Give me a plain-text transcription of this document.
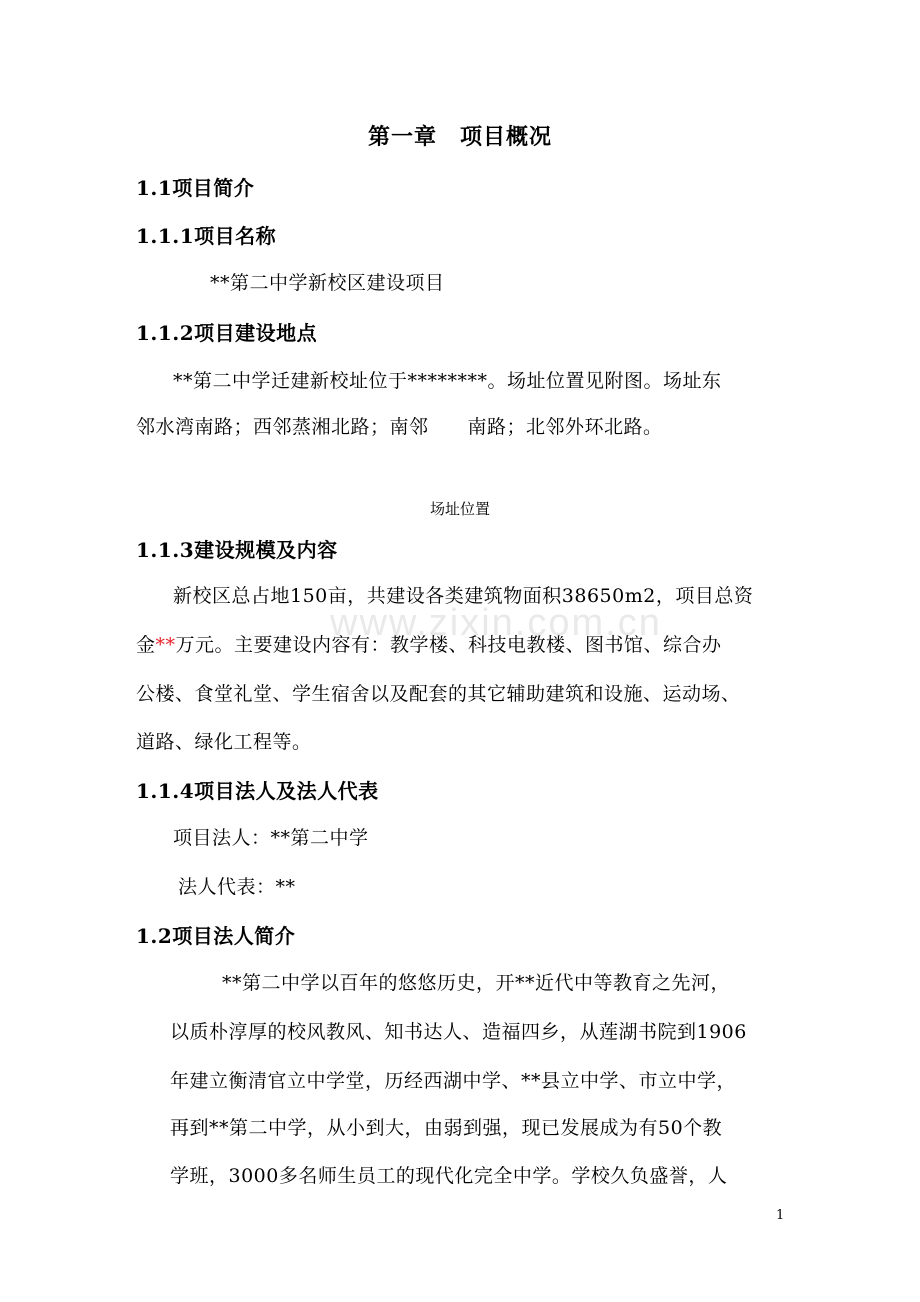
www.zixin.com.cn
第一章　项目概况
1.1项目简介
1.1.1项目名称
**第二中学新校区建设项目
1.1.2项目建设地点
**第二中学迁建新校址位于********。场址位置见附图。场址东
邻水湾南路；西邻蒸湘北路；南邻　　南路；北邻外环北路。
场址位置
1.1.3建设规模及内容
新校区总占地150亩，共建设各类建筑物面积38650m2，项目总资
金**万元。主要建设内容有：教学楼、科技电教楼、图书馆、综合办
公楼、食堂礼堂、学生宿舍以及配套的其它辅助建筑和设施、运动场、
道路、绿化工程等。
1.1.4项目法人及法人代表
项目法人：**第二中学
法人代表：**
1.2项目法人简介
**第二中学以百年的悠悠历史，开**近代中等教育之先河，
以质朴淳厚的校风教风、知书达人、造福四乡，从莲湖书院到1906
年建立衡清官立中学堂，历经西湖中学、**县立中学、市立中学，
再到**第二中学，从小到大，由弱到强，现已发展成为有50个教
学班，3000多名师生员工的现代化完全中学。学校久负盛誉，人
1
